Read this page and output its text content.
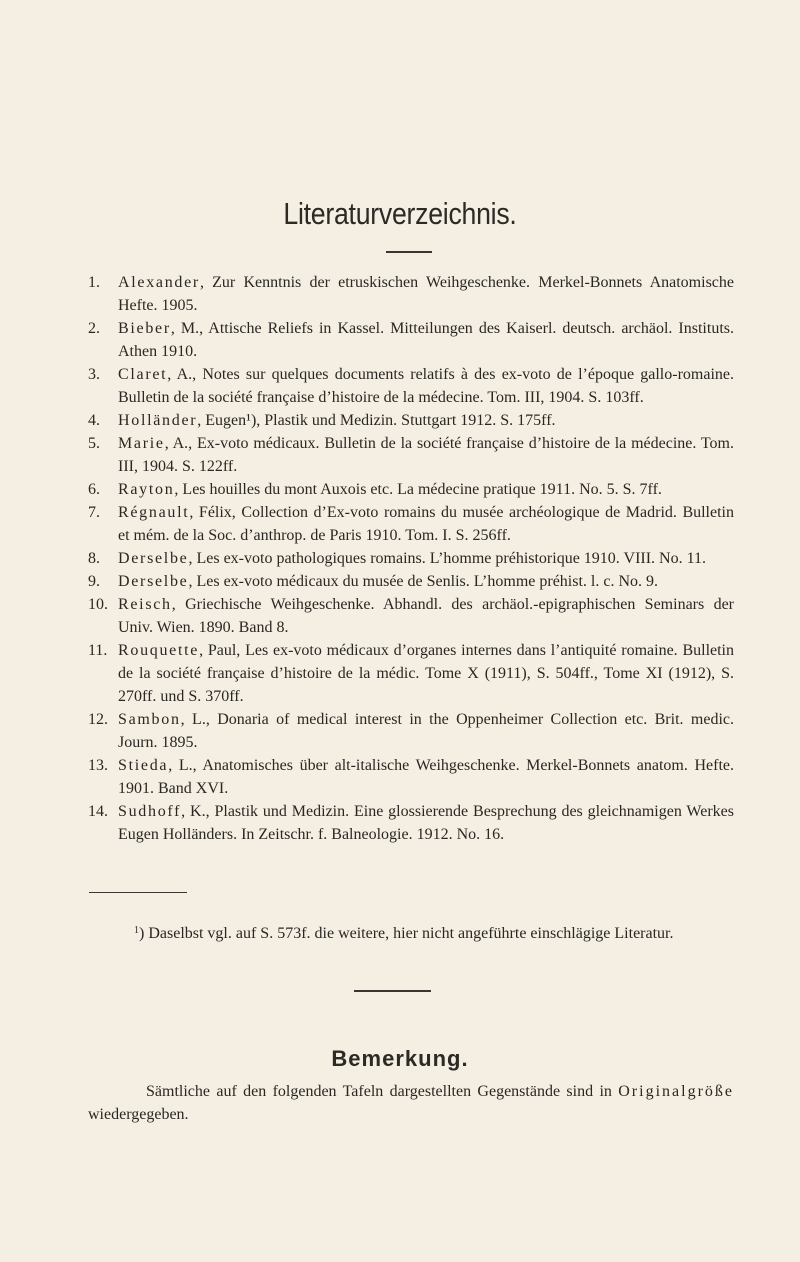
Literaturverzeichnis.
1.	Alexander, Zur Kenntnis der etruskischen Weihgeschenke. Merkel-Bonnets Anatomische Hefte. 1905.
2.	Bieber, M., Attische Reliefs in Kassel. Mitteilungen des Kaiserl. deutsch. archäol. Instituts. Athen 1910.
3.	Claret, A., Notes sur quelques documents relatifs à des ex-voto de l’époque gallo-romaine. Bulletin de la société française d’histoire de la médecine. Tom. III, 1904. S. 103ff.
4.	Holländer, Eugen¹), Plastik und Medizin. Stuttgart 1912. S. 175ff.
5.	Marie, A., Ex-voto médicaux. Bulletin de la société française d’histoire de la médecine. Tom. III, 1904. S. 122ff.
6.	Rayton, Les houilles du mont Auxois etc. La médecine pratique 1911. No. 5. S. 7ff.
7.	Régnault, Félix, Collection d’Ex-voto romains du musée archéologique de Madrid. Bulletin et mém. de la Soc. d’anthrop. de Paris 1910. Tom. I. S. 256ff.
8.	Derselbe, Les ex-voto pathologiques romains. L’homme préhistorique 1910. VIII. No. 11.
9.	Derselbe, Les ex-voto médicaux du musée de Senlis. L’homme préhist. l. c. No. 9.
10. Reisch, Griechische Weihgeschenke. Abhandl. des archäol.-epigraphischen Seminars der Univ. Wien. 1890. Band 8.
11. Rouquette, Paul, Les ex-voto médicaux d’organes internes dans l’antiquité romaine. Bulletin de la société française d’histoire de la médic. Tome X (1911), S. 504ff., Tome XI (1912), S. 270ff. und S. 370ff.
12. Sambon, L., Donaria of medical interest in the Oppenheimer Collection etc. Brit. medic. Journ. 1895.
13. Stieda, L., Anatomisches über alt-italische Weihgeschenke. Merkel-Bonnets anatom. Hefte. 1901. Band XVI.
14. Sudhoff, K., Plastik und Medizin. Eine glossierende Besprechung des gleichnamigen Werkes Eugen Holländers. In Zeitschr. f. Balneologie. 1912. No. 16.

$^1$) Daselbst vgl. auf S. 573f. die weitere, hier nicht angeführte einschlägige Literatur.

Bemerkung.

Sämtliche auf den folgenden Tafeln dargestellten Gegenstände sind in Originalgröße wiedergegeben.
